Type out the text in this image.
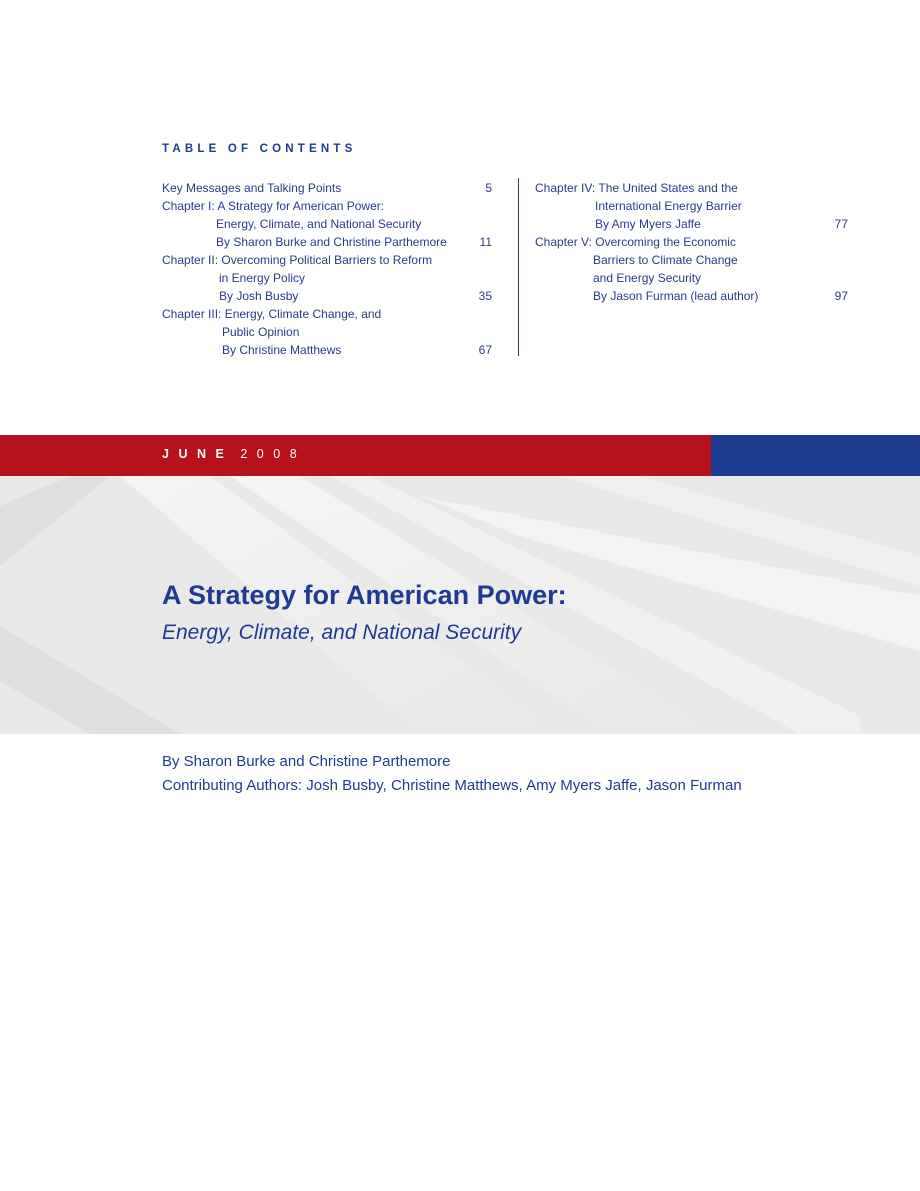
TABLE OF CONTENTS
Key Messages and Talking Points	5
Chapter I: A Strategy for American Power:
Energy, Climate, and National Security
By Sharon Burke and Christine Parthemore	11
Chapter II: Overcoming Political Barriers to Reform
in Energy Policy
By Josh Busby	35
Chapter III: Energy, Climate Change, and
Public Opinion
By Christine Matthews	67
Chapter IV: The United States and the
International Energy Barrier
By Amy Myers Jaffe	77
Chapter V: Overcoming the Economic
Barriers to Climate Change
and Energy Security
By Jason Furman (lead author)	97
JUNE 2008
A Strategy for American Power:
Energy, Climate, and National Security
By Sharon Burke and Christine Parthemore
Contributing Authors: Josh Busby, Christine Matthews, Amy Myers Jaffe, Jason Furman
